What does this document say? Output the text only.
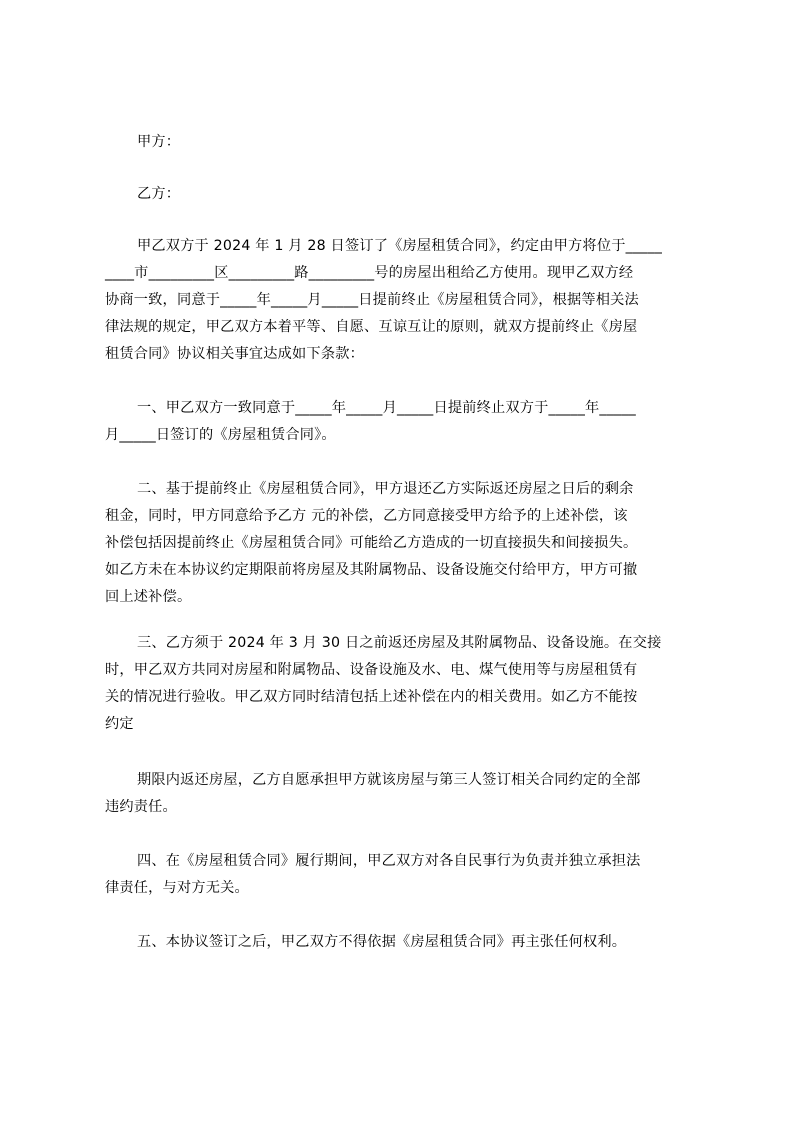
甲方：
乙方：
甲乙双方于 2024 年 1 月 28 日签订了《房屋租赁合同》，约定由甲方将位于_____
____市_________区_________路_________号的房屋出租给乙方使用。现甲乙双方经
协商一致，同意于_____年_____月_____日提前终止《房屋租赁合同》，根据等相关法
律法规的规定，甲乙双方本着平等、自愿、互谅互让的原则，就双方提前终止《房屋
租赁合同》协议相关事宜达成如下条款：
一、甲乙双方一致同意于_____年_____月_____日提前终止双方于_____年_____
月_____日签订的《房屋租赁合同》。
二、基于提前终止《房屋租赁合同》，甲方退还乙方实际返还房屋之日后的剩余
租金，同时，甲方同意给予乙方 元的补偿，乙方同意接受甲方给予的上述补偿，该
补偿包括因提前终止《房屋租赁合同》可能给乙方造成的一切直接损失和间接损失。
如乙方未在本协议约定期限前将房屋及其附属物品、设备设施交付给甲方，甲方可撤
回上述补偿。
三、乙方须于 2024 年 3 月 30 日之前返还房屋及其附属物品、设备设施。在交接
时，甲乙双方共同对房屋和附属物品、设备设施及水、电、煤气使用等与房屋租赁有
关的情况进行验收。甲乙双方同时结清包括上述补偿在内的相关费用。如乙方不能按
约定
期限内返还房屋，乙方自愿承担甲方就该房屋与第三人签订相关合同约定的全部
违约责任。
四、在《房屋租赁合同》履行期间，甲乙双方对各自民事行为负责并独立承担法
律责任，与对方无关。
五、本协议签订之后，甲乙双方不得依据《房屋租赁合同》再主张任何权利。
